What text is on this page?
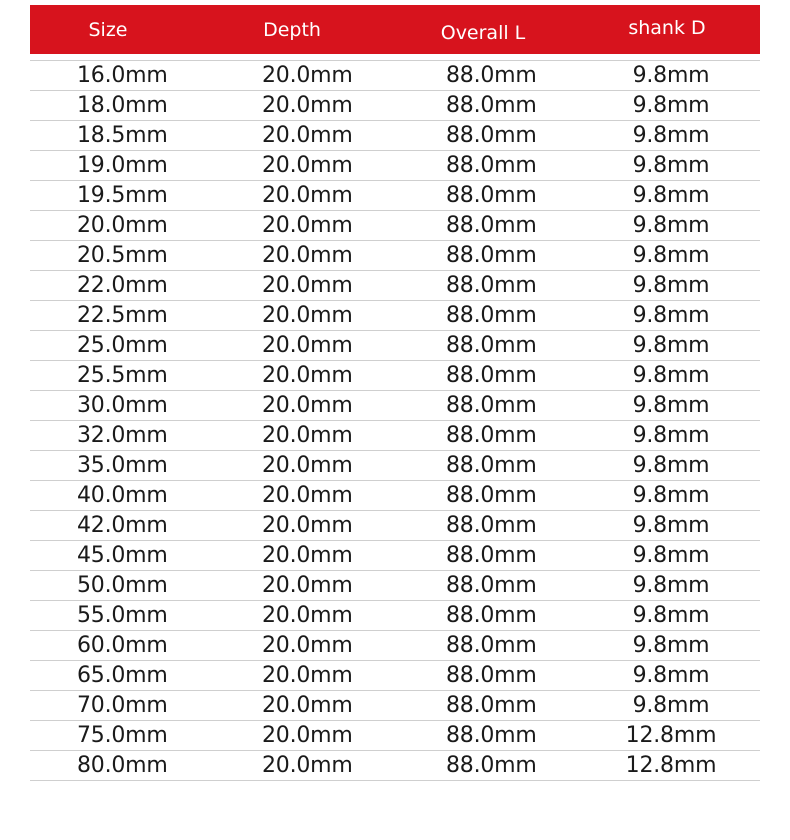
Size	Depth	Overall L	shank D

16.0mm	20.0mm	88.0mm	9.8mm
18.0mm	20.0mm	88.0mm	9.8mm
18.5mm	20.0mm	88.0mm	9.8mm
19.0mm	20.0mm	88.0mm	9.8mm
19.5mm	20.0mm	88.0mm	9.8mm
20.0mm	20.0mm	88.0mm	9.8mm
20.5mm	20.0mm	88.0mm	9.8mm
22.0mm	20.0mm	88.0mm	9.8mm
22.5mm	20.0mm	88.0mm	9.8mm
25.0mm	20.0mm	88.0mm	9.8mm
25.5mm	20.0mm	88.0mm	9.8mm
30.0mm	20.0mm	88.0mm	9.8mm
32.0mm	20.0mm	88.0mm	9.8mm
35.0mm	20.0mm	88.0mm	9.8mm
40.0mm	20.0mm	88.0mm	9.8mm
42.0mm	20.0mm	88.0mm	9.8mm
45.0mm	20.0mm	88.0mm	9.8mm
50.0mm	20.0mm	88.0mm	9.8mm
55.0mm	20.0mm	88.0mm	9.8mm
60.0mm	20.0mm	88.0mm	9.8mm
65.0mm	20.0mm	88.0mm	9.8mm
70.0mm	20.0mm	88.0mm	9.8mm
75.0mm	20.0mm	88.0mm	12.8mm
80.0mm	20.0mm	88.0mm	12.8mm
